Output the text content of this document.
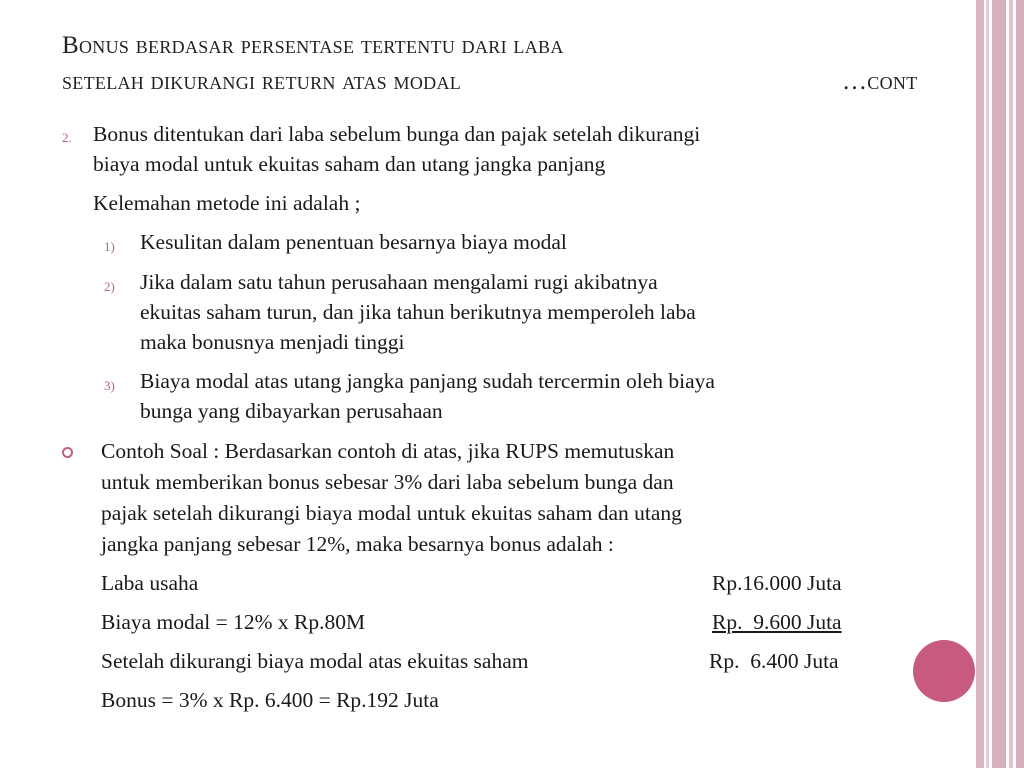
Bonus berdasar persentase tertentu dari laba
setelah dikurangi return atas modal	…cont
2. Bonus ditentukan dari laba sebelum bunga dan pajak setelah dikurangi
biaya modal untuk ekuitas saham dan utang jangka panjang
Kelemahan metode ini adalah ;
1) Kesulitan dalam penentuan besarnya biaya modal
2) Jika dalam satu tahun perusahaan mengalami rugi akibatnya
ekuitas saham turun, dan jika tahun berikutnya memperoleh laba
maka bonusnya menjadi tinggi
3) Biaya modal atas utang jangka panjang sudah tercermin oleh biaya
bunga yang dibayarkan perusahaan
Contoh Soal : Berdasarkan contoh di atas, jika RUPS memutuskan
untuk memberikan bonus sebesar 3% dari laba sebelum bunga dan
pajak setelah dikurangi biaya modal untuk ekuitas saham dan utang
jangka panjang sebesar 12%, maka besarnya bonus adalah :
Laba usaha	Rp.16.000 Juta
Biaya modal = 12% x Rp.80M	Rp.  9.600 Juta
Setelah dikurangi biaya modal atas ekuitas saham	Rp.  6.400 Juta
Bonus = 3% x Rp. 6.400 = Rp.192 Juta
